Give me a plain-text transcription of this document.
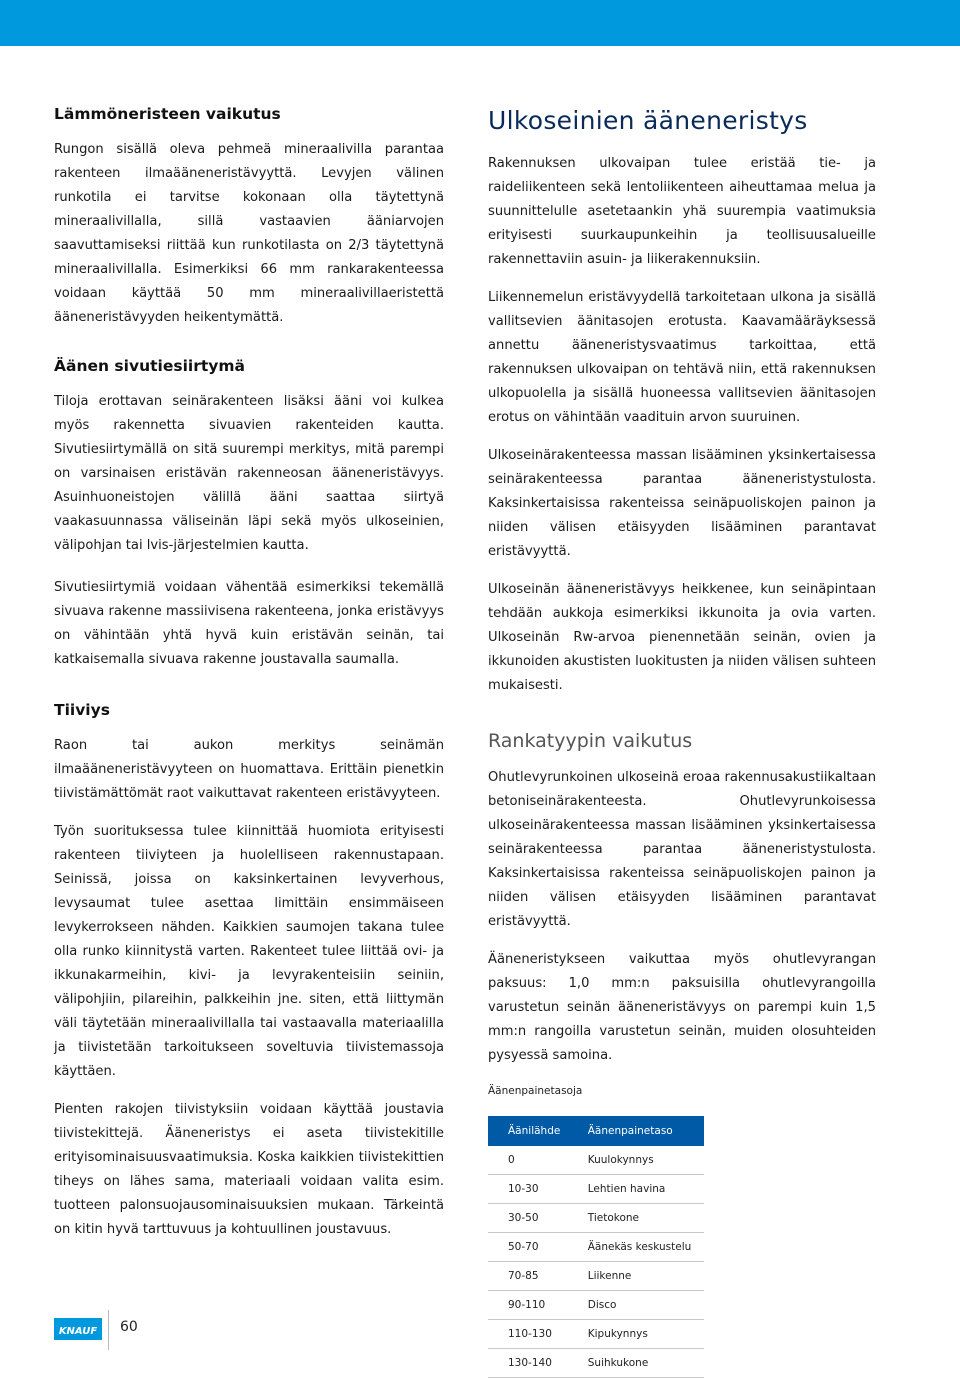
Lämmöneristeen vaikutus

Rungon sisällä oleva pehmeä mineraalivilla parantaa rakenteen ilmaääneneristävyyttä. Levyjen välinen runkotila ei tarvitse kokonaan olla täytettynä mineraalivillalla, sillä vastaavien ääniarvojen saavuttamiseksi riittää kun runkotilasta on 2/3 täytettynä mineraalivillalla. Esimerkiksi 66 mm rankarakenteessa voidaan käyttää 50 mm mineraalivillaeristettä ääneneristävyyden heikentymättä.

Äänen sivutiesiirtymä

Tiloja erottavan seinärakenteen lisäksi ääni voi kulkea myös rakennetta sivuavien rakenteiden kautta. Sivutiesiirtymällä on sitä suurempi merkitys, mitä parempi on varsinaisen eristävän rakenneosan ääneneristävyys. Asuinhuoneistojen välillä ääni saattaa siirtyä vaakasuunnassa väliseinän läpi sekä myös ulkoseinien, välipohjan tai lvis-järjestelmien kautta.

Sivutiesiirtymiä voidaan vähentää esimerkiksi tekemällä sivuava rakenne massiivisena rakenteena, jonka eristävyys on vähintään yhtä hyvä kuin eristävän seinän, tai katkaisemalla sivuava rakenne joustavalla saumalla.

Tiiviys

Raon tai aukon merkitys seinämän ilmaääneneristävyyteen on huomattava. Erittäin pienetkin tiivistämättömät raot vaikuttavat rakenteen eristävyyteen.

Työn suorituksessa tulee kiinnittää huomiota erityisesti rakenteen tiiviyteen ja huolelliseen rakennustapaan. Seinissä, joissa on kaksinkertainen levyverhous, levysaumat tulee asettaa limittäin ensimmäiseen levykerrokseen nähden. Kaikkien saumojen takana tulee olla runko kiinnitystä varten. Rakenteet tulee liittää ovi- ja ikkunakarmeihin, kivi- ja levyrakenteisiin seiniin, välipohjiin, pilareihin, palkkeihin jne. siten, että liittymän väli täytetään mineraalivillalla tai vastaavalla materiaalilla ja tiivistetään tarkoitukseen soveltuvia tiivistemassoja käyttäen.

Pienten rakojen tiivistyksiin voidaan käyttää joustavia tiivistekittejä. Ääneneristys ei aseta tiivistekitille erityisominaisuusvaatimuksia. Koska kaikkien tiivistekittien tiheys on lähes sama, materiaali voidaan valita esim. tuotteen palonsuojausominaisuuksien mukaan. Tärkeintä on kitin hyvä tarttuvuus ja kohtuullinen joustavuus.

Ulkoseinien ääneneristys

Rakennuksen ulkovaipan tulee eristää tie- ja raideliikenteen sekä lentoliikenteen aiheuttamaa melua ja suunnittelulle asetetaankin yhä suurempia vaatimuksia erityisesti suurkaupunkeihin ja teollisuusalueille rakennettaviin asuin- ja liikerakennuksiin.

Liikennemelun eristävyydellä tarkoitetaan ulkona ja sisällä vallitsevien äänitasojen erotusta. Kaavamääräyksessä annettu ääneneristysvaatimus tarkoittaa, että rakennuksen ulkovaipan on tehtävä niin, että rakennuksen ulkopuolella ja sisällä huoneessa vallitsevien äänitasojen erotus on vähintään vaadituin arvon suuruinen.

Ulkoseinärakenteessa massan lisääminen yksinkertaisessa seinärakenteessa parantaa ääneneristystulosta. Kaksinkertaisissa rakenteissa seinäpuoliskojen painon ja niiden välisen etäisyyden lisääminen parantavat eristävyyttä.

Ulkoseinän ääneneristävyys heikkenee, kun seinäpintaan tehdään aukkoja esimerkiksi ikkunoita ja ovia varten. Ulkoseinän Rw-arvoa pienennetään seinän, ovien ja ikkunoiden akustisten luokitusten ja niiden välisen suhteen mukaisesti.

Rankatyypin vaikutus

Ohutlevyrunkoinen ulkoseinä eroaa rakennusakustiikaltaan betoniseinärakenteesta. Ohutlevyrunkoisessa ulkoseinärakenteessa massan lisääminen yksinkertaisessa seinärakenteessa parantaa ääneneristystulosta. Kaksinkertaisissa rakenteissa seinäpuoliskojen painon ja niiden välisen etäisyyden lisääminen parantavat eristävyyttä.

Ääneneristykseen vaikuttaa myös ohutlevyrangan paksuus: 1,0 mm:n paksuisilla ohutlevyrangoilla varustetun seinän ääneneristävyys on parempi kuin 1,5 mm:n rangoilla varustetun seinän, muiden olosuhteiden pysyessä samoina.

Äänenpainetasoja
Äänilähde	Äänenpainetaso
0	Kuulokynnys
10-30	Lehtien havina
30-50	Tietokone
50-70	Äänekäs keskustelu
70-85	Liikenne
90-110	Disco
110-130	Kipukynnys
130-140	Suihkukone
KNAUF 60
